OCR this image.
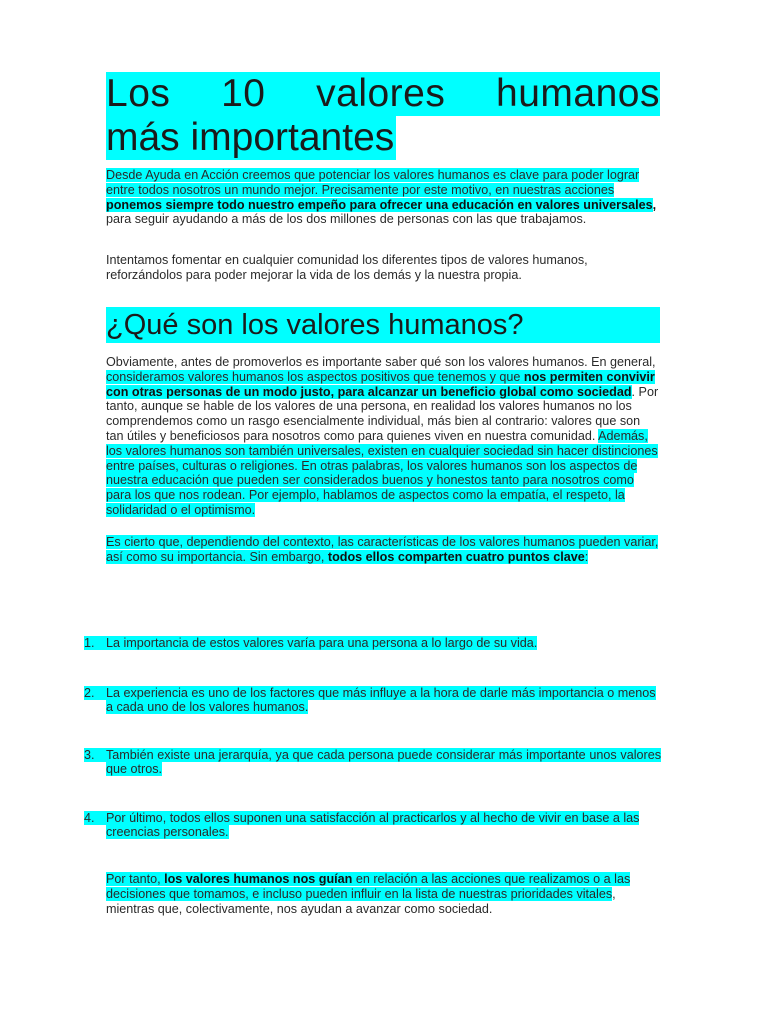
Los 10 valores humanos
más importantes

Desde Ayuda en Acción creemos que potenciar los valores humanos es clave para poder lograr entre todos nosotros un mundo mejor. Precisamente por este motivo, en nuestras acciones ponemos siempre todo nuestro empeño para ofrecer una educación en valores universales, para seguir ayudando a más de los dos millones de personas con las que trabajamos.

Intentamos fomentar en cualquier comunidad los diferentes tipos de valores humanos, reforzándolos para poder mejorar la vida de los demás y la nuestra propia.

¿Qué son los valores humanos?

Obviamente, antes de promoverlos es importante saber qué son los valores humanos. En general, consideramos valores humanos los aspectos positivos que tenemos y que nos permiten convivir con otras personas de un modo justo, para alcanzar un beneficio global como sociedad. Por tanto, aunque se hable de los valores de una persona, en realidad los valores humanos no los comprendemos como un rasgo esencialmente individual, más bien al contrario: valores que son tan útiles y beneficiosos para nosotros como para quienes viven en nuestra comunidad. Además, los valores humanos son también universales, existen en cualquier sociedad sin hacer distinciones entre países, culturas o religiones. En otras palabras, los valores humanos son los aspectos de nuestra educación que pueden ser considerados buenos y honestos tanto para nosotros como para los que nos rodean. Por ejemplo, hablamos de aspectos como la empatía, el respeto, la solidaridad o el optimismo.

Es cierto que, dependiendo del contexto, las características de los valores humanos pueden variar, así como su importancia. Sin embargo, todos ellos comparten cuatro puntos clave:

1. La importancia de estos valores varía para una persona a lo largo de su vida.
2. La experiencia es uno de los factores que más influye a la hora de darle más importancia o menos a cada uno de los valores humanos.
3. También existe una jerarquía, ya que cada persona puede considerar más importante unos valores que otros.
4. Por último, todos ellos suponen una satisfacción al practicarlos y al hecho de vivir en base a las creencias personales.

Por tanto, los valores humanos nos guían en relación a las acciones que realizamos o a las decisiones que tomamos, e incluso pueden influir en la lista de nuestras prioridades vitales, mientras que, colectivamente, nos ayudan a avanzar como sociedad.
